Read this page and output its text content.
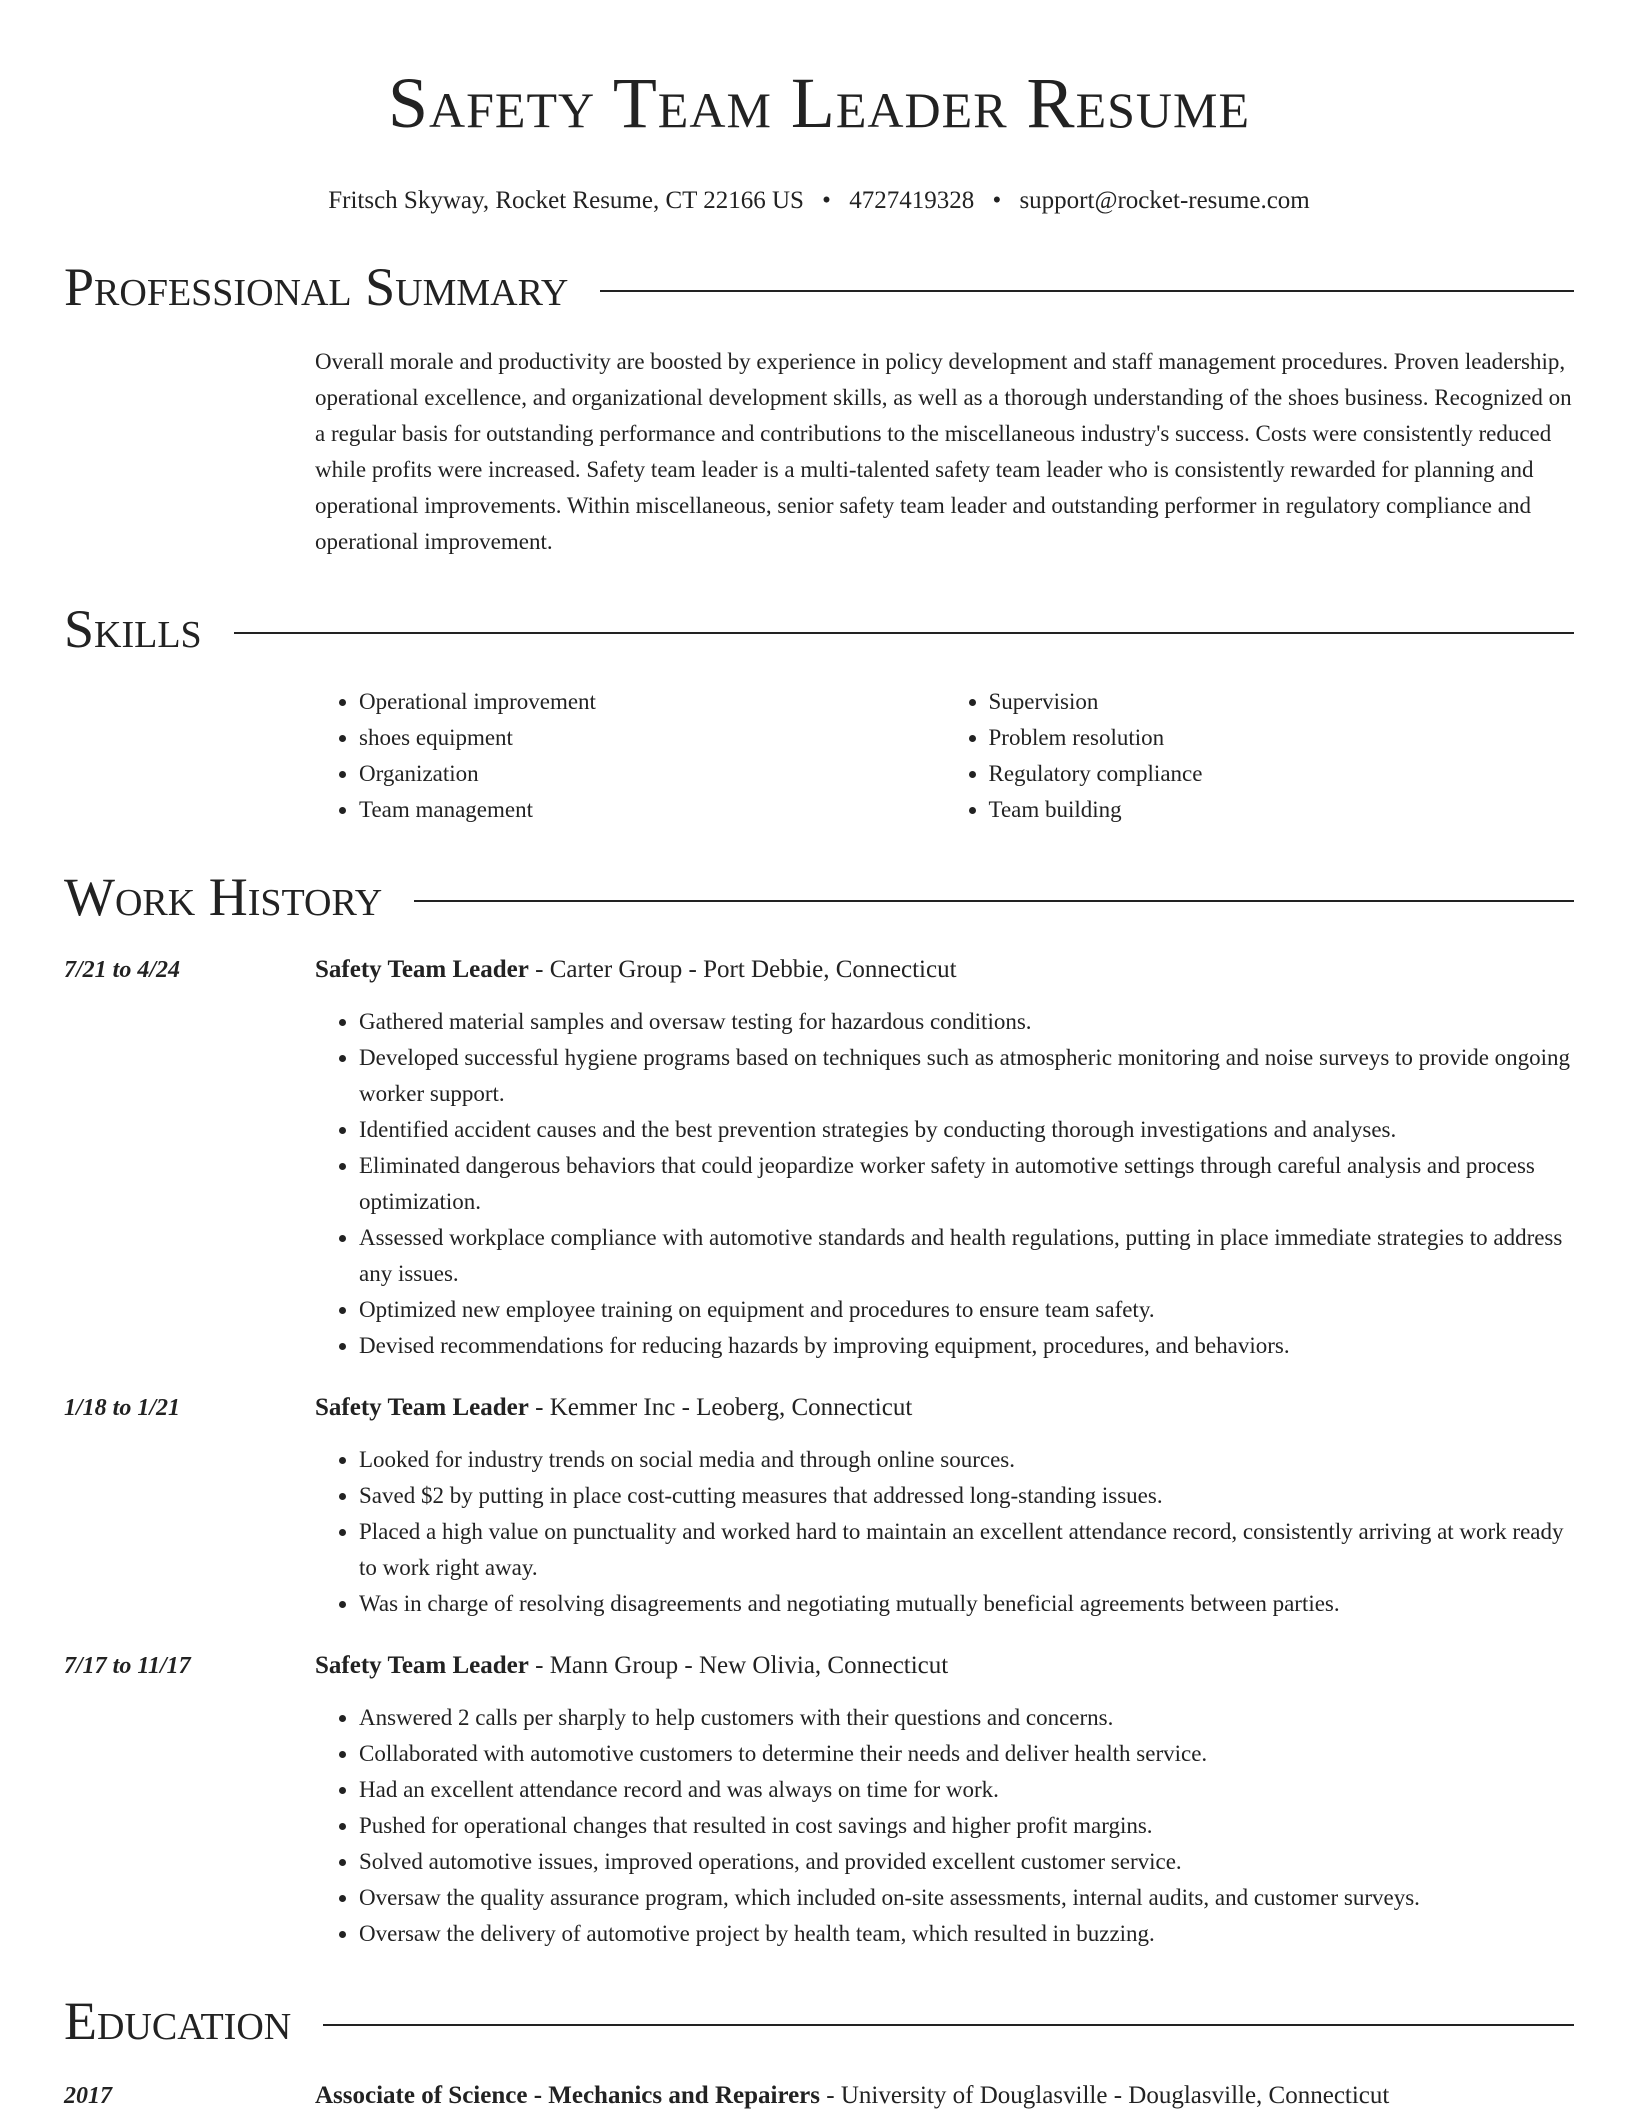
Safety Team Leader Resume
Fritsch Skyway, Rocket Resume, CT 22166 US • 4727419328 • support@rocket-resume.com
Professional Summary
Overall morale and productivity are boosted by experience in policy development and staff management procedures. Proven leadership, operational excellence, and organizational development skills, as well as a thorough understanding of the shoes business. Recognized on a regular basis for outstanding performance and contributions to the miscellaneous industry's success. Costs were consistently reduced while profits were increased. Safety team leader is a multi-talented safety team leader who is consistently rewarded for planning and operational improvements. Within miscellaneous, senior safety team leader and outstanding performer in regulatory compliance and operational improvement.
Skills
• Operational improvement
• shoes equipment
• Organization
• Team management
• Supervision
• Problem resolution
• Regulatory compliance
• Team building
Work History
7/21 to 4/24	Safety Team Leader - Carter Group - Port Debbie, Connecticut
• Gathered material samples and oversaw testing for hazardous conditions.
• Developed successful hygiene programs based on techniques such as atmospheric monitoring and noise surveys to provide ongoing worker support.
• Identified accident causes and the best prevention strategies by conducting thorough investigations and analyses.
• Eliminated dangerous behaviors that could jeopardize worker safety in automotive settings through careful analysis and process optimization.
• Assessed workplace compliance with automotive standards and health regulations, putting in place immediate strategies to address any issues.
• Optimized new employee training on equipment and procedures to ensure team safety.
• Devised recommendations for reducing hazards by improving equipment, procedures, and behaviors.
1/18 to 1/21	Safety Team Leader - Kemmer Inc - Leoberg, Connecticut
• Looked for industry trends on social media and through online sources.
• Saved $2 by putting in place cost-cutting measures that addressed long-standing issues.
• Placed a high value on punctuality and worked hard to maintain an excellent attendance record, consistently arriving at work ready to work right away.
• Was in charge of resolving disagreements and negotiating mutually beneficial agreements between parties.
7/17 to 11/17	Safety Team Leader - Mann Group - New Olivia, Connecticut
• Answered 2 calls per sharply to help customers with their questions and concerns.
• Collaborated with automotive customers to determine their needs and deliver health service.
• Had an excellent attendance record and was always on time for work.
• Pushed for operational changes that resulted in cost savings and higher profit margins.
• Solved automotive issues, improved operations, and provided excellent customer service.
• Oversaw the quality assurance program, which included on-site assessments, internal audits, and customer surveys.
• Oversaw the delivery of automotive project by health team, which resulted in buzzing.
Education
2017	Associate of Science - Mechanics and Repairers - University of Douglasville - Douglasville, Connecticut
